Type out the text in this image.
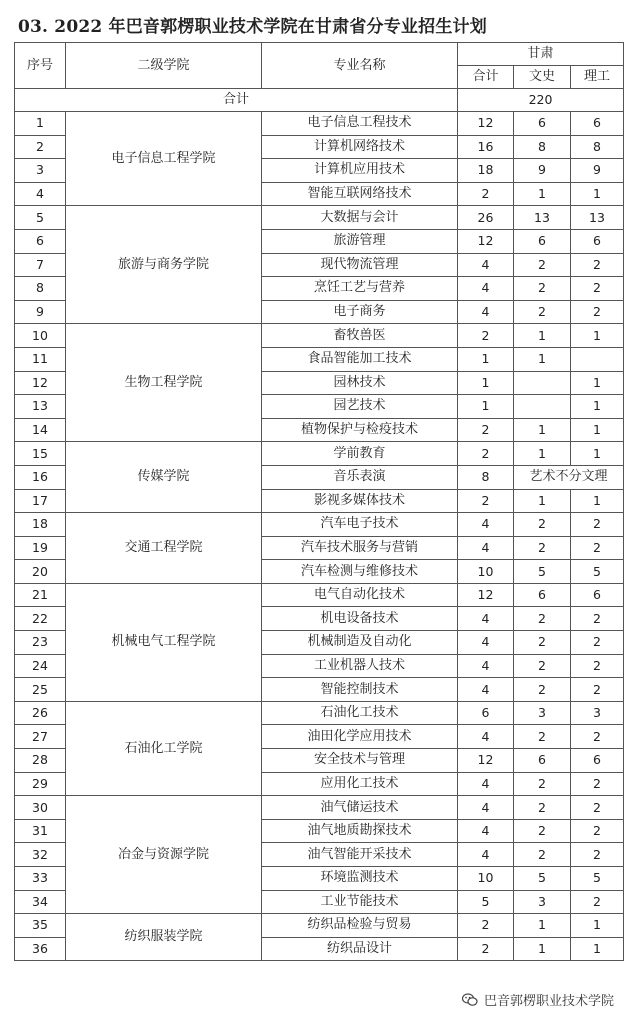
03. 2022 年巴音郭楞职业技术学院在甘肃省分专业招生计划
序号	二级学院	专业名称	甘肃		
			合计	文史	理工
合计			220		
1	电子信息工程学院	电子信息工程技术	12	6	6
2		计算机网络技术	16	8	8
3		计算机应用技术	18	9	9
4		智能互联网络技术	2	1	1
5	旅游与商务学院	大数据与会计	26	13	13
6		旅游管理	12	6	6
7		现代物流管理	4	2	2
8		烹饪工艺与营养	4	2	2
9		电子商务	4	2	2
10	生物工程学院	畜牧兽医	2	1	1
11		食品智能加工技术	1	1	
12		园林技术	1		1
13		园艺技术	1		1
14		植物保护与检疫技术	2	1	1
15	传媒学院	学前教育	2	1	1
16		音乐表演	8	艺术不分文理	
17		影视多媒体技术	2	1	1
18	交通工程学院	汽车电子技术	4	2	2
19		汽车技术服务与营销	4	2	2
20		汽车检测与维修技术	10	5	5
21	机械电气工程学院	电气自动化技术	12	6	6
22		机电设备技术	4	2	2
23		机械制造及自动化	4	2	2
24		工业机器人技术	4	2	2
25		智能控制技术	4	2	2
26	石油化工学院	石油化工技术	6	3	3
27		油田化学应用技术	4	2	2
28		安全技术与管理	12	6	6
29		应用化工技术	4	2	2
30	冶金与资源学院	油气储运技术	4	2	2
31		油气地质勘探技术	4	2	2
32		油气智能开采技术	4	2	2
33		环境监测技术	10	5	5
34		工业节能技术	5	3	2
35	纺织服装学院	纺织品检验与贸易	2	1	1
36		纺织品设计	2	1	1
巴音郭楞职业技术学院
